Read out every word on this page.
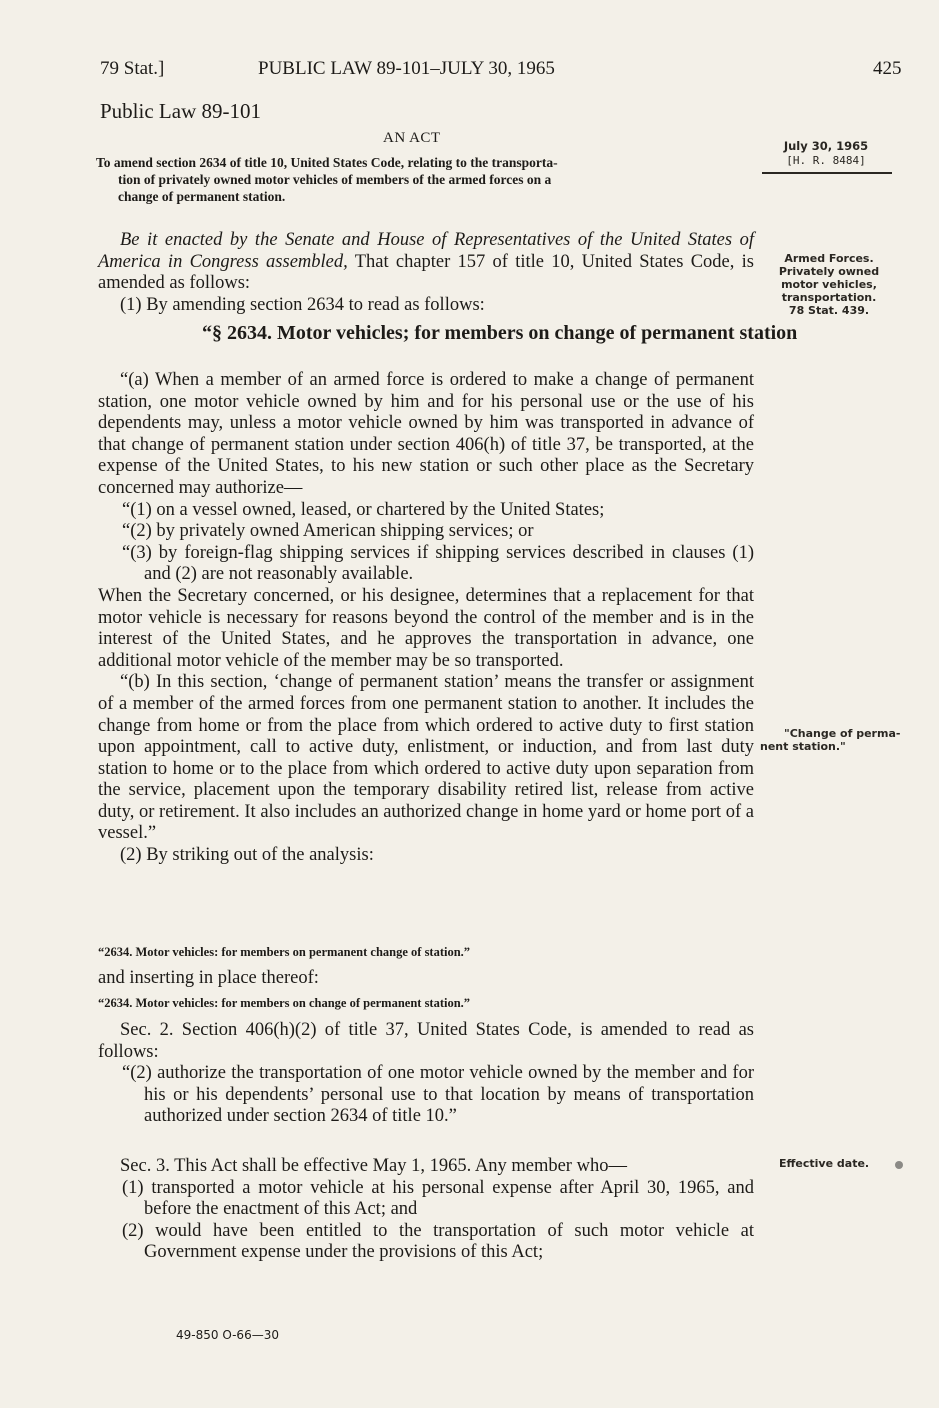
79 Stat.]	PUBLIC LAW 89-101–JULY 30, 1965	425
Public Law 89-101
AN ACT
To amend section 2634 of title 10, United States Code, relating to the transporta-
tion of privately owned motor vehicles of members of the armed forces on a
change of permanent station.
July 30, 1965
[H. R. 8484]
Armed Forces.
Privately owned
motor vehicles,
transportation.
78 Stat. 439.
"Change of perma-
nent station."
Effective date.

Be it enacted by the Senate and House of Representatives of the United States of America in Congress assembled, That chapter 157 of title 10, United States Code, is amended as follows:

(1) By amending section 2634 to read as follows:

“§ 2634. Motor vehicles; for members on change of permanent station

“(a) When a member of an armed force is ordered to make a change of permanent station, one motor vehicle owned by him and for his personal use or the use of his dependents may, unless a motor vehicle owned by him was transported in advance of that change of permanent station under section 406(h) of title 37, be transported, at the expense of the United States, to his new station or such other place as the Secretary concerned may authorize—

“(1) on a vessel owned, leased, or chartered by the United States;

“(2) by privately owned American shipping services; or

“(3) by foreign-flag shipping services if shipping services described in clauses (1) and (2) are not reasonably available.

When the Secretary concerned, or his designee, determines that a replacement for that motor vehicle is necessary for reasons beyond the control of the member and is in the interest of the United States, and he approves the transportation in advance, one additional motor vehicle of the member may be so transported.

“(b) In this section, ‘change of permanent station’ means the transfer or assignment of a member of the armed forces from one permanent station to another. It includes the change from home or from the place from which ordered to active duty to first station upon appointment, call to active duty, enlistment, or induction, and from last duty station to home or to the place from which ordered to active duty upon separation from the service, placement upon the temporary disability retired list, release from active duty, or retirement. It also includes an authorized change in home yard or home port of a vessel.”

(2) By striking out of the analysis:

“2634. Motor vehicles: for members on permanent change of station.”
and inserting in place thereof:
“2634. Motor vehicles: for members on change of permanent station.”

Sec. 2. Section 406(h)(2) of title 37, United States Code, is amended to read as follows:

“(2) authorize the transportation of one motor vehicle owned by the member and for his or his dependents’ personal use to that location by means of transportation authorized under section 2634 of title 10.”

Sec. 3. This Act shall be effective May 1, 1965. Any member who—

(1) transported a motor vehicle at his personal expense after April 30, 1965, and before the enactment of this Act; and

(2) would have been entitled to the transportation of such motor vehicle at Government expense under the provisions of this Act;

49-850 O-66—30
